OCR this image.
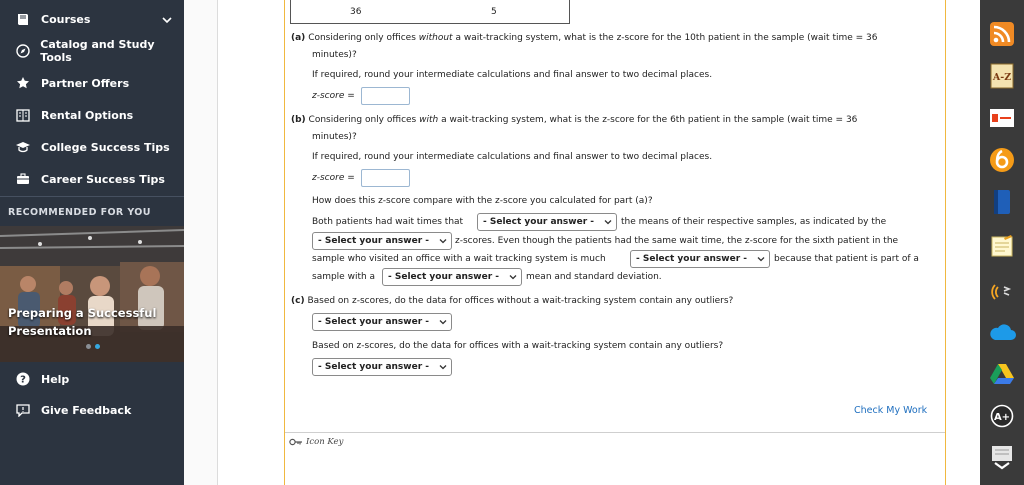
Courses
Catalog and Study Tools
Partner Offers
Rental Options
College Success Tips
Career Success Tips
RECOMMENDED FOR YOU
Preparing a Successful
Presentation
? Help
Give Feedback
36	5
(a) Considering only offices without a wait-tracking system, what is the z-score for the 10th patient in the sample (wait time = 36
minutes)?
If required, round your intermediate calculations and final answer to two decimal places.
z-score =
(b) Considering only offices with a wait-tracking system, what is the z-score for the 6th patient in the sample (wait time = 36
minutes)?
If required, round your intermediate calculations and final answer to two decimal places.
z-score =
How does this z-score compare with the z-score you calculated for part (a)?
Both patients had wait times that	- Select your answer -	the means of their respective samples, as indicated by the
- Select your answer -	z-scores. Even though the patients had the same wait time, the z-score for the sixth patient in the
sample who visited an office with a wait tracking system is much	- Select your answer -	because that patient is part of a
sample with a	- Select your answer -	mean and standard deviation.
(c) Based on z-scores, do the data for offices without a wait-tracking system contain any outliers?
- Select your answer -
Based on z-scores, do the data for offices with a wait-tracking system contain any outliers?
- Select your answer -
Check My Work
Icon Key
A-Z
A+
